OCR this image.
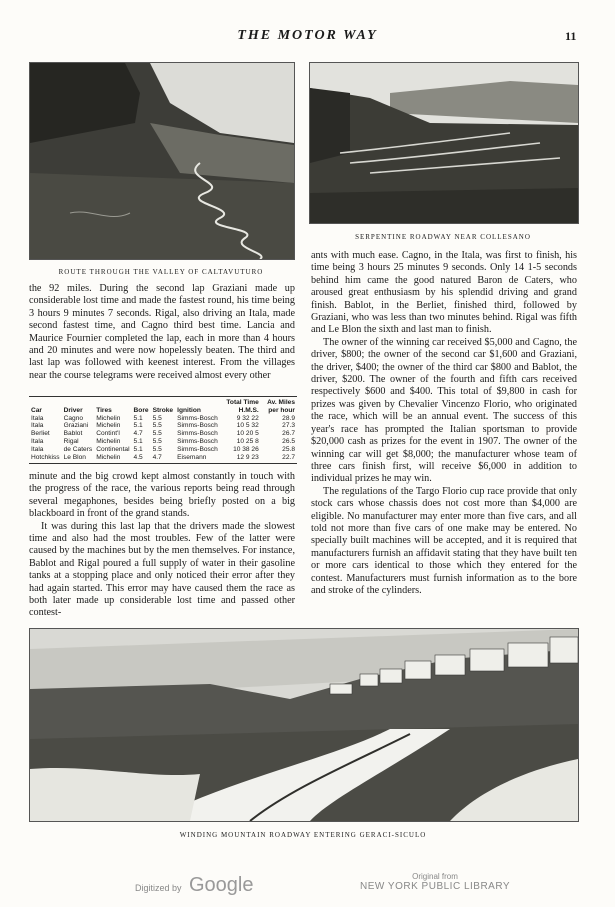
THE MOTOR WAY	11
ROUTE THROUGH THE VALLEY OF CALTAVUTURO
SERPENTINE ROADWAY NEAR COLLESANO

the 92 miles. During the second lap Graziani made up considerable lost time and made the fastest round, his time being 3 hours 9 minutes 7 seconds. Rigal, also driving an Itala, made second fastest time, and Cagno third best time. Lancia and Maurice Fournier completed the lap, each in more than 4 hours and 20 minutes and were now hopelessly beaten. The third and last lap was followed with keenest interest. From the villages near the course telegrams were received almost every other

Car	Driver	Tires	Bore	Stroke	Ignition	Total Time H.M.S.	Av. Miles per hour
Itala	Cagno	Michelin	5.1	5.5	Simms-Bosch	9 32 22	28.9
Itala	Graziani	Michelin	5.1	5.5	Simms-Bosch	10 5 32	27.3
Berliet	Bablot	Contint'l	4.7	5.5	Simms-Bosch	10 20 5	26.7
Itala	Rigal	Michelin	5.1	5.5	Simms-Bosch	10 25 8	26.5
Itala	de Caters	Continental	5.1	5.5	Simms-Bosch	10 38 26	25.8
Hotchkiss	Le Blon	Michelin	4.5	4.7	Eisemann	12 9 23	22.7

minute and the big crowd kept almost constantly in touch with the progress of the race, the various reports being read through several megaphones, besides being briefly posted on a big blackboard in front of the grand stands.

It was during this last lap that the drivers made the slowest time and also had the most troubles. Few of the latter were caused by the machines but by the men themselves. For instance, Bablot and Rigal poured a full supply of water in their gasoline tanks at a stopping place and only noticed their error after they had again started. This error may have caused them the race as both later made up considerable lost time and passed other contest-

ants with much ease. Cagno, in the Itala, was first to finish, his time being 3 hours 25 minutes 9 seconds. Only 14 1-5 seconds behind him came the good natured Baron de Caters, who aroused great enthusiasm by his splendid driving and grand finish. Bablot, in the Berliet, finished third, followed by Graziani, who was less than two minutes behind. Rigal was fifth and Le Blon the sixth and last man to finish.

The owner of the winning car received $5,000 and Cagno, the driver, $800; the owner of the second car $1,600 and Graziani, the driver, $400; the owner of the third car $800 and Bablot, the driver, $200. The owner of the fourth and fifth cars received respectively $600 and $400. This total of $9,800 in cash for prizes was given by Chevalier Vincenzo Florio, who originated the race, which will be an annual event. The success of this year's race has prompted the Italian sportsman to provide $20,000 cash as prizes for the event in 1907. The owner of the winning car will get $8,000; the manufacturer whose team of three cars finish first, will receive $6,000 in addition to individual prizes he may win.

The regulations of the Targo Florio cup race provide that only stock cars whose chassis does not cost more than $4,000 are eligible. No manufacturer may enter more than five cars, and all told not more than five cars of one make may be entered. No specially built machines will be accepted, and it is required that manufacturers furnish an affidavit stating that they have built ten or more cars identical to those which they entered for the contest. Manufacturers must furnish information as to the bore and stroke of the cylinders.

WINDING MOUNTAIN ROADWAY ENTERING GERACI-SICULO
Digitized by Google	Original from
NEW YORK PUBLIC LIBRARY
